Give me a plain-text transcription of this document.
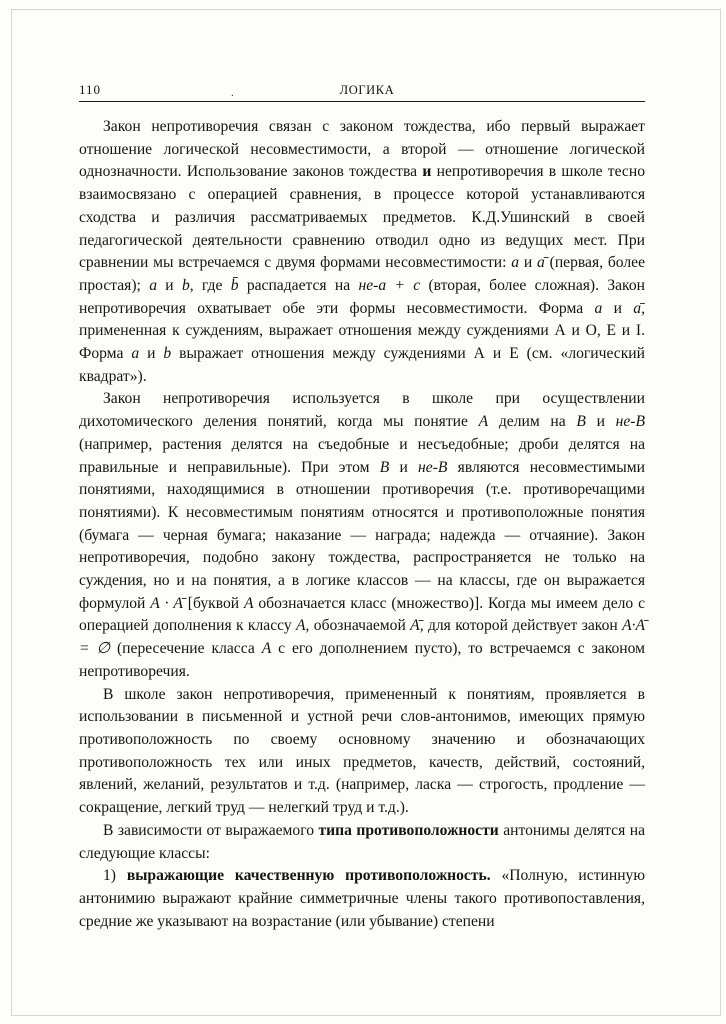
110	.	ЛОГИКА

Закон непротиворечия связан с законом тождества, ибо первый выражает отношение логической несовместимости, а второй — отношение логической однозначности. Использование законов тождества и непротиворечия в школе тесно взаимосвязано с операцией сравнения, в процессе которой устанавливаются сходства и различия рассматриваемых предметов. К.Д.Ушинский в своей педагогической деятельности сравнению отводил одно из ведущих мест. При сравнении мы встречаемся с двумя формами несовместимости: а и а̄ (первая, более простая); а и b, где b̄ распадается на не-а + с (вторая, более сложная). Закон непротиворечия охватывает обе эти формы несовместимости. Форма а и а̄, примененная к суждениям, выражает отношения между суждениями А и О, Е и I. Форма а и b выражает отношения между суждениями А и Е (см. «логический квадрат»).

Закон непротиворечия используется в школе при осуществлении дихотомического деления понятий, когда мы понятие А делим на В и не-В (например, растения делятся на съедобные и несъедобные; дроби делятся на правильные и неправильные). При этом В и не-В являются несовместимыми понятиями, находящимися в отношении противоречия (т.е. противоречащими понятиями). К несовместимым понятиям относятся и противоположные понятия (бумага — черная бумага; наказание — награда; надежда — отчаяние). Закон непротиворечия, подобно закону тождества, распространяется не только на суждения, но и на понятия, а в логике классов — на классы, где он выражается формулой А · А̄ [буквой А обозначается класс (множество)]. Когда мы имеем дело с операцией дополнения к классу А, обозначаемой А̄, для которой действует закон А·А̄ = ∅ (пересечение класса А с его дополнением пусто), то встречаемся с законом непротиворечия.

В школе закон непротиворечия, примененный к понятиям, проявляется в использовании в письменной и устной речи слов-антонимов, имеющих прямую противоположность по своему основному значению и обозначающих противоположность тех или иных предметов, качеств, действий, состояний, явлений, желаний, результатов и т.д. (например, ласка — строгость, продление — сокращение, легкий труд — нелегкий труд и т.д.).

В зависимости от выражаемого типа противоположности антонимы делятся на следующие классы:

1) выражающие качественную противоположность. «Полную, истинную антонимию выражают крайние симметричные члены такого противопоставления, средние же указывают на возрастание (или убывание) степени
